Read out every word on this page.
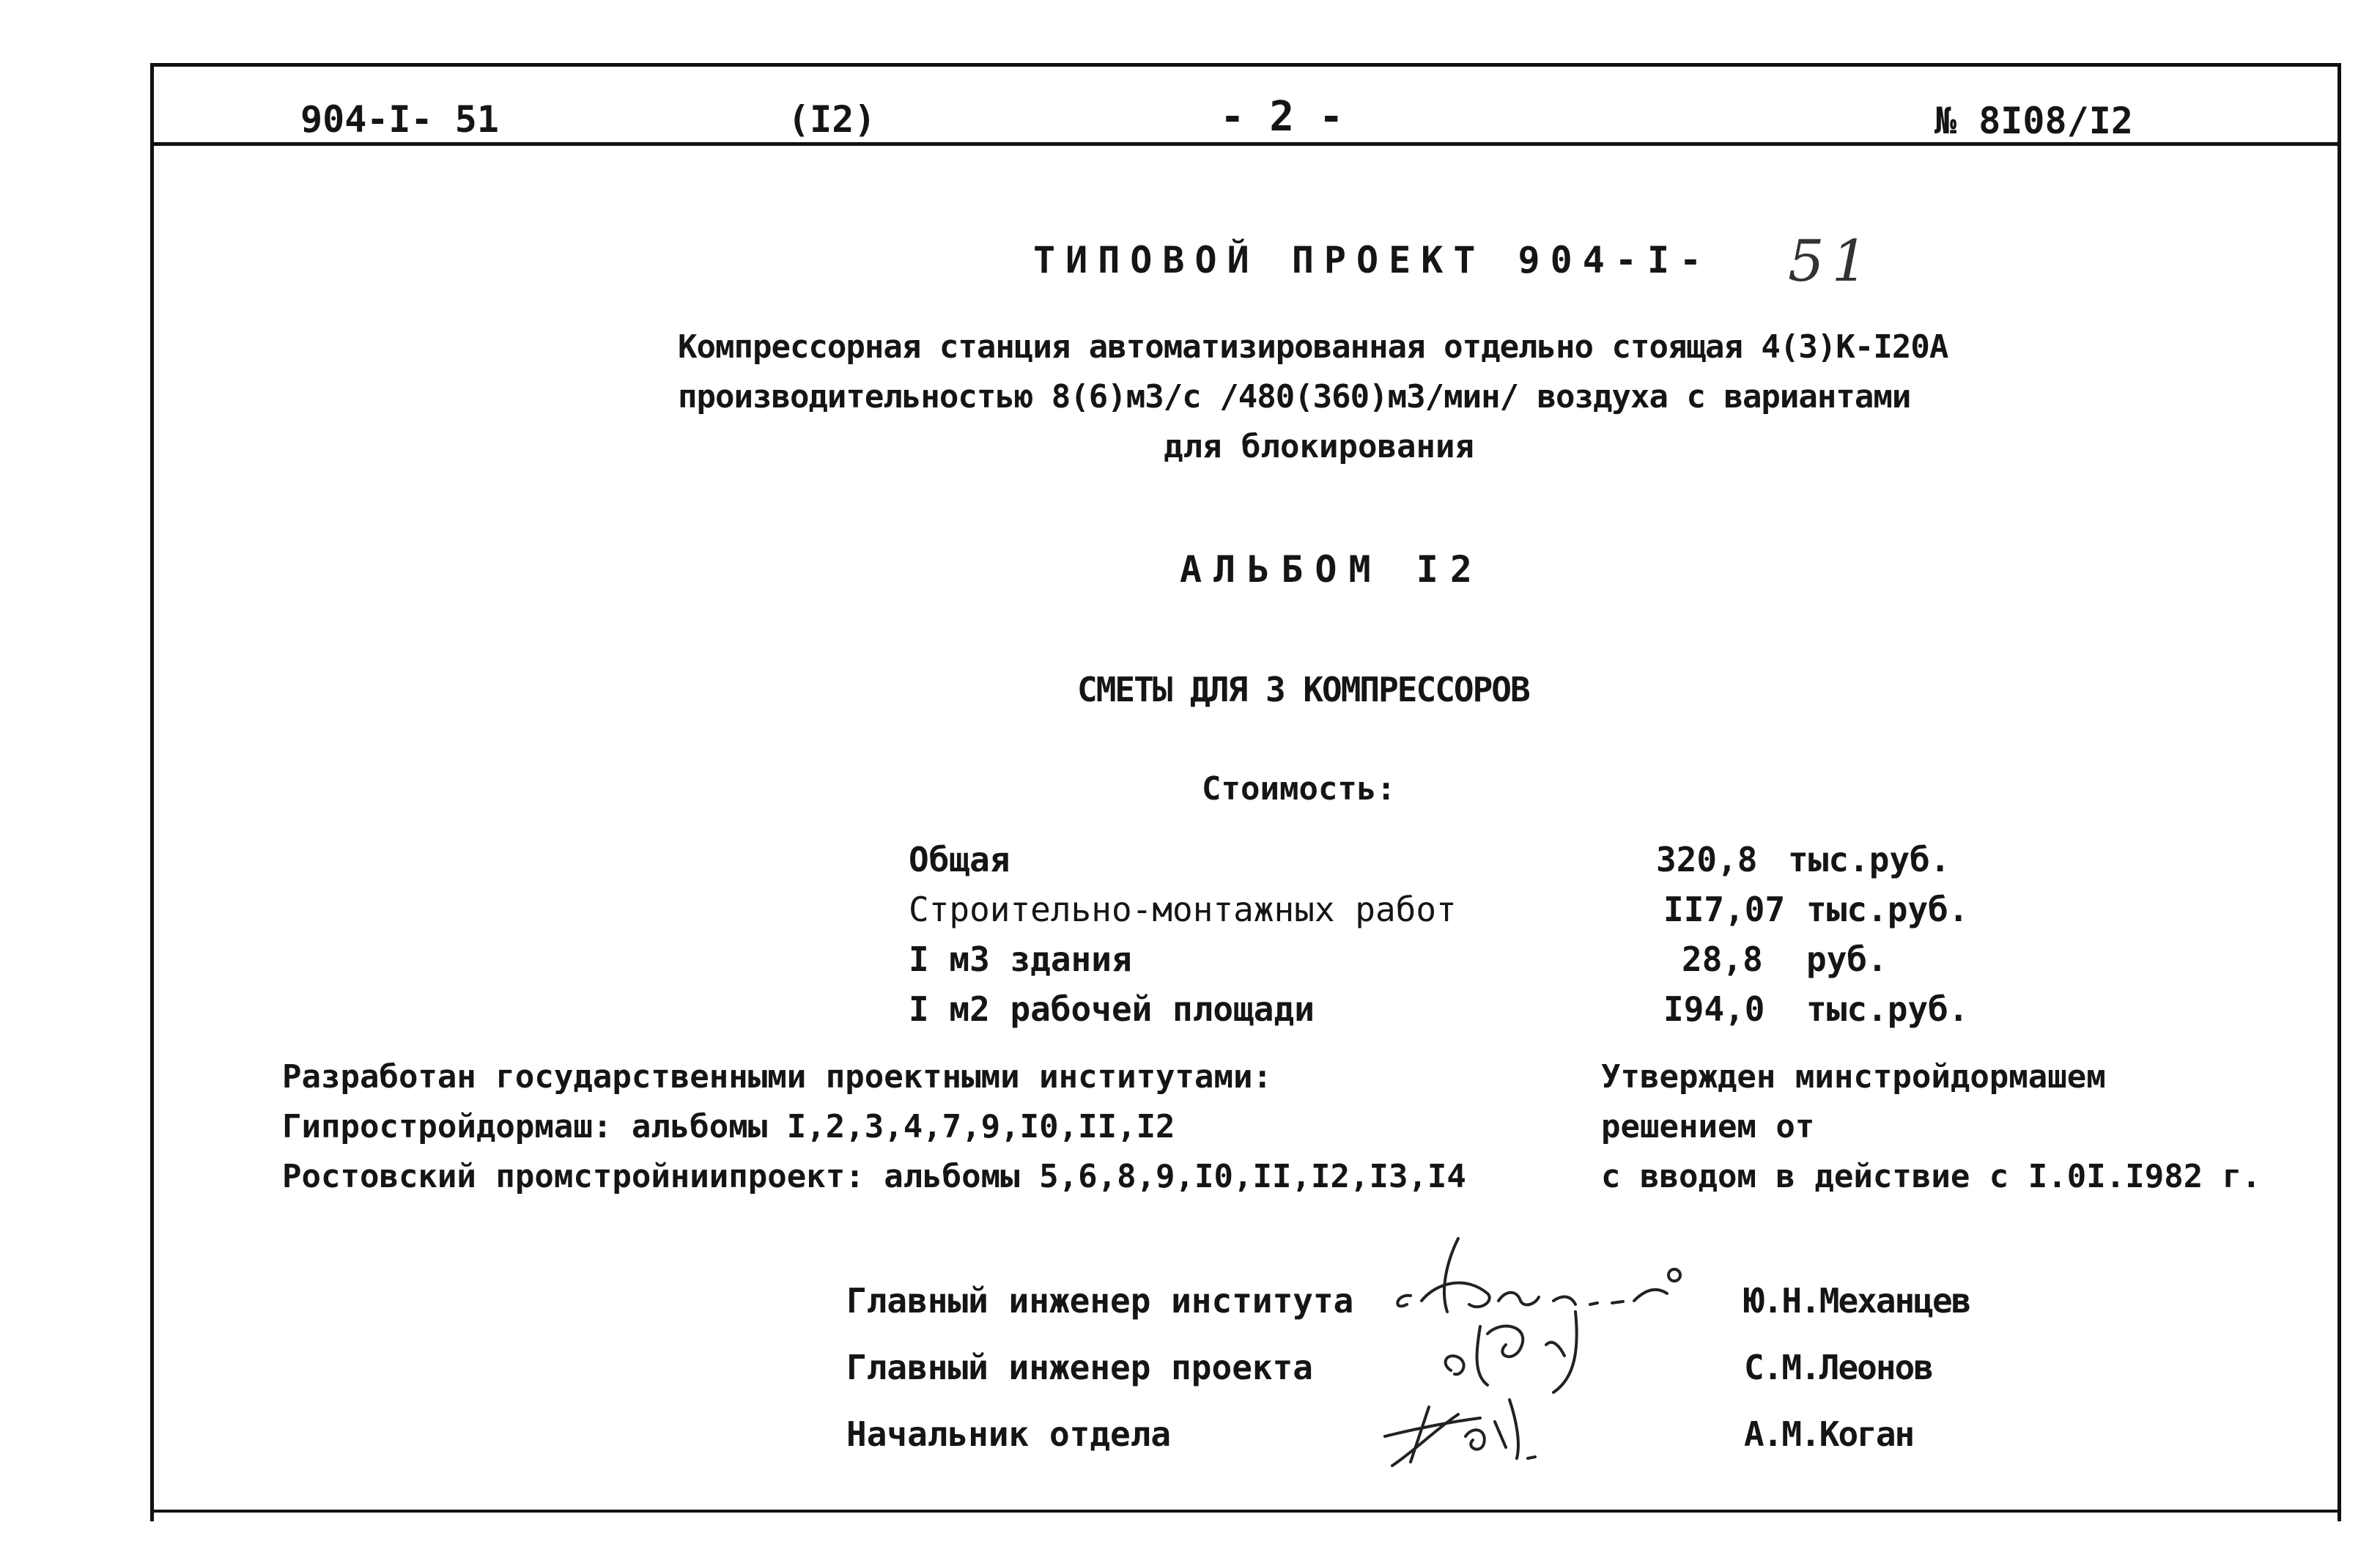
904-I- 51	(I2)	- 2 -	№ 8I08/I2
ТИПОВОЙ ПРОЕКТ 904-I- 51
Компрессорная станция автоматизированная отдельно стоящая 4(3)К-I20А
производительностью 8(6)м3/с /480(360)м3/мин/ воздуха с вариантами
для блокирования
АЛЬБОМ I2
СМЕТЫ ДЛЯ 3 КОМПРЕССОРОВ
Стоимость:
Общая	320,8 тыс.руб.
Строительно-монтажных работ	II7,07 тыс.руб.
I м3 здания	28,8 руб.
I м2 рабочей площади	I94,0 тыс.руб.
Разработан государственными проектными институтами:
Гипростройдормаш: альбомы I,2,3,4,7,9,I0,II,I2
Ростовский промстройниипроект: альбомы 5,6,8,9,I0,II,I2,I3,I4
Утвержден минстройдормашем
решением от
с вводом в действие с I.0I.I982 г.
Главный инженер института	Ю.Н.Механцев
Главный инженер проекта	С.М.Леонов
Начальник отдела	А.М.Коган
